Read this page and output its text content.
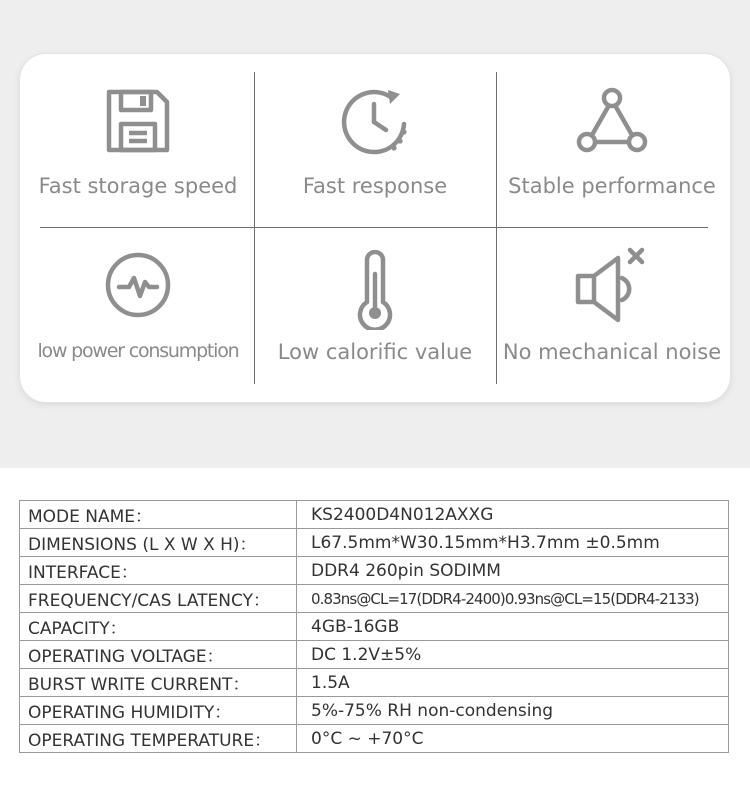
Fast storage speed	Fast response	Stable performance
low power consumption	Low calorific value	No mechanical noise
MODE NAME：	KS2400D4N012AXXG
DIMENSIONS (L X W X H)：	L67.5mm*W30.15mm*H3.7mm ±0.5mm
INTERFACE：	DDR4 260pin SODIMM
FREQUENCY/CAS LATENCY：	0.83ns@CL=17(DDR4-2400)0.93ns@CL=15(DDR4-2133)
CAPACITY：	4GB-16GB
OPERATING VOLTAGE：	DC 1.2V±5%
BURST WRITE CURRENT：	1.5A
OPERATING HUMIDITY：	5%-75% RH non-condensing
OPERATING TEMPERATURE：	0°C ~ +70°C
